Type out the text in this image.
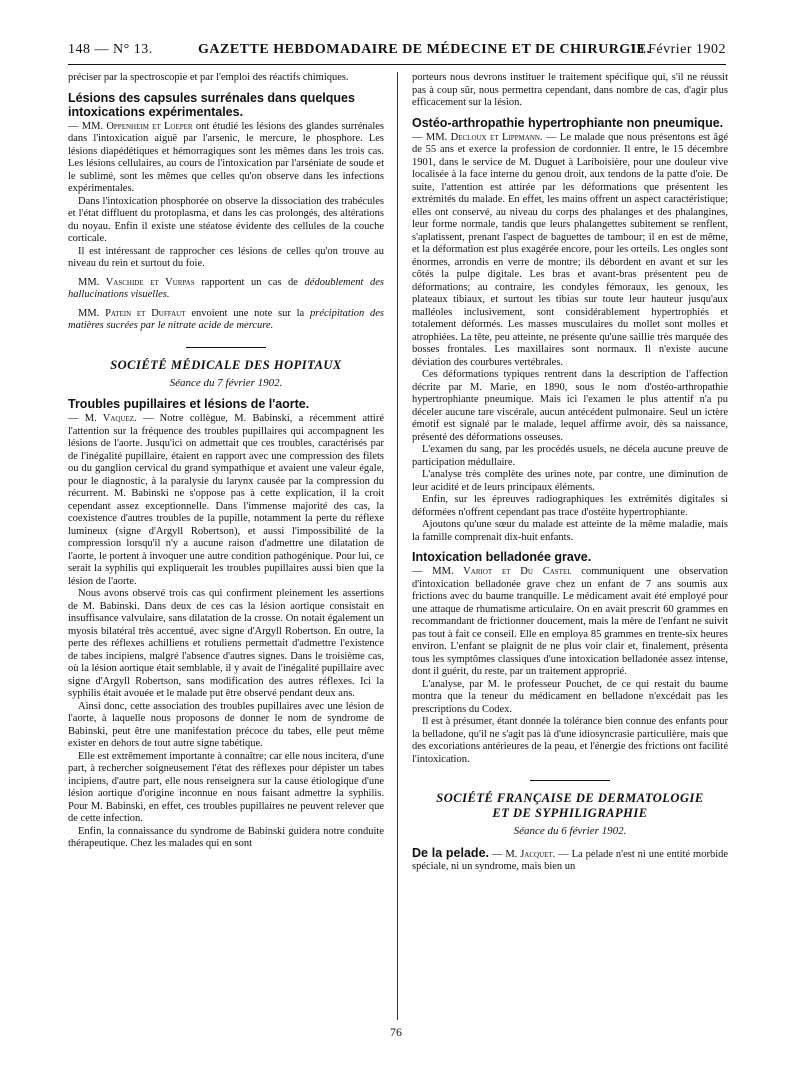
148 — N° 13.	GAZETTE HEBDOMADAIRE DE MÉDECINE ET DE CHIRURGIE.
13 Février 1902

préciser par la spectroscopie et par l'emploi des réactifs chimiques.

Lésions des capsules surrénales dans quelques intoxications expérimentales.

— MM. Oppenheim et Loeper ont étudié les lésions des glandes surrénales dans l'intoxication aiguë par l'arsenic, le mercure, le phosphore. Les lésions diapédétiques et hémorragiques sont les mêmes dans les trois cas. Les lésions cellulaires, au cours de l'intoxication par l'arséniate de soude et le sublimé, sont les mêmes que celles qu'on observe dans les infections expérimentales.

Dans l'intoxication phosphorée on observe la dissociation des trabécules et l'état diffluent du protoplasma, et dans les cas prolongés, des altérations du noyau. Enfin il existe une stéatose évidente des cellules de la couche corticale.

Il est intéressant de rapprocher ces lésions de celles qu'on trouve au niveau du rein et surtout du foie.

MM. Vaschide et Vurpas rapportent un cas de dédoublement des hallucinations visuelles.

MM. Patein et Duffaut envoient une note sur la précipitation des matières sucrées par le nitrate acide de mercure.

SOCIÉTÉ MÉDICALE DES HOPITAUX
Séance du 7 février 1902.
Troubles pupillaires et lésions de l'aorte.

— M. Vaquez. — Notre collègue, M. Babinski, a récemment attiré l'attention sur la fréquence des troubles pupillaires qui accompagnent les lésions de l'aorte. Jusqu'ici on admettait que ces troubles, caractérisés par de l'inégalité pupillaire, étaient en rapport avec une compression des filets ou du ganglion cervical du grand sympathique et avaient une valeur égale, pour le diagnostic, à la paralysie du larynx causée par la compression du récurrent. M. Babinski ne s'oppose pas à cette explication, il la croit cependant assez exceptionnelle. Dans l'immense majorité des cas, la coexistence d'autres troubles de la pupille, notamment la perte du réflexe lumineux (signe d'Argyll Robertson), et aussi l'impossibilité de la compression lorsqu'il n'y a aucune raison d'admettre une dilatation de l'aorte, le portent à invoquer une autre condition pathogénique. Pour lui, ce serait la syphilis qui expliquerait les troubles pupillaires aussi bien que la lésion de l'aorte.

Nous avons observé trois cas qui confirment pleinement les assertions de M. Babinski. Dans deux de ces cas la lésion aortique consistait en insuffisance valvulaire, sans dilatation de la crosse. On notait également un myosis bilatéral très accentué, avec signe d'Argyll Robertson. En outre, la perte des réflexes achilliens et rotuliens permettait d'admettre l'existence de tabes incipiens, malgré l'absence d'autres signes. Dans le troisième cas, où la lésion aortique était semblable, il y avait de l'inégalité pupillaire avec signe d'Argyll Robertson, sans modification des autres réflexes. Ici la syphilis était avouée et le malade put être observé pendant deux ans.

Ainsi donc, cette association des troubles pupillaires avec une lésion de l'aorte, à laquelle nous proposons de donner le nom de syndrome de Babinski, peut être une manifestation précoce du tabes, elle peut même exister en dehors de tout autre signe tabétique.

Elle est extrêmement importante à connaître; car elle nous incitera, d'une part, à rechercher soigneusement l'état des réflexes pour dépister un tabes incipiens, d'autre part, elle nous renseignera sur la cause étiologique d'une lésion aortique d'origine inconnue en nous faisant admettre la syphilis. Pour M. Babinski, en effet, ces troubles pupillaires ne peuvent relever que de cette infection.

Enfin, la connaissance du syndrome de Babinski guidera notre conduite thérapeutique. Chez les malades qui en sont

porteurs nous devrons instituer le traitement spécifique qui, s'il ne réussit pas à coup sûr, nous permettra cependant, dans nombre de cas, d'agir plus efficacement sur la lésion.

Ostéo-arthropathie hypertrophiante non pneumique.

— MM. Decloux et Lippmann. — Le malade que nous présentons est âgé de 55 ans et exerce la profession de cordonnier. Il entre, le 15 décembre 1901, dans le service de M. Duguet à Lariboisière, pour une douleur vive localisée à la face interne du genou droit, aux tendons de la patte d'oie. De suite, l'attention est attirée par les déformations que présentent les extrémités du malade. En effet, les mains offrent un aspect caractéristique; elles ont conservé, au niveau du corps des phalanges et des phalangines, leur forme normale, tandis que leurs phalangettes subitement se renflent, s'aplatissent, prenant l'aspect de baguettes de tambour; il en est de même, et la déformation est plus exagérée encore, pour les orteils. Les ongles sont énormes, arrondis en verre de montre; ils débordent en avant et sur les côtés la pulpe digitale. Les bras et avant-bras présentent peu de déformations; au contraire, les condyles fémoraux, les genoux, les plateaux tibiaux, et surtout les tibias sur toute leur hauteur jusqu'aux malléoles inclusivement, sont considérablement hypertrophiés et totalement déformés. Les masses musculaires du mollet sont molles et atrophiées. La tête, peu atteinte, ne présente qu'une saillie très marquée des bosses frontales. Les maxillaires sont normaux. Il n'existe aucune déviation des courbures vertébrales.

Ces déformations typiques rentrent dans la description de l'affection décrite par M. Marie, en 1890, sous le nom d'ostéo-arthropathie hypertrophiante pneumique. Mais ici l'examen le plus attentif n'a pu déceler aucune tare viscérale, aucun antécédent pulmonaire. Seul un ictère émotif est signalé par le malade, lequel affirme avoir, dès sa naissance, présenté des déformations osseuses.

L'examen du sang, par les procédés usuels, ne décela aucune preuve de participation médullaire.

L'analyse très complète des urines note, par contre, une diminution de leur acidité et de leurs principaux éléments.

Enfin, sur les épreuves radiographiques les extrémités digitales si déformées n'offrent cependant pas trace d'ostéite hypertrophiante.

Ajoutons qu'une sœur du malade est atteinte de la même maladie, mais la famille comprenait dix-huit enfants.

Intoxication belladonée grave.

— MM. Variot et Du Castel communiquent une observation d'intoxication belladonée grave chez un enfant de 7 ans soumis aux frictions avec du baume tranquille. Le médicament avait été employé pour une attaque de rhumatisme articulaire. On en avait prescrit 60 grammes en recommandant de frictionner doucement, mais la mère de l'enfant ne suivit pas tout à fait ce conseil. Elle en employa 85 grammes en trente-six heures environ. L'enfant se plaignit de ne plus voir clair et, finalement, présenta tous les symptômes classiques d'une intoxication belladonée assez intense, dont il guérit, du reste, par un traitement approprié.

L'analyse, par M. le professeur Pouchet, de ce qui restait du baume montra que la teneur du médicament en belladone n'excédait pas les prescriptions du Codex.

Il est à présumer, étant donnée la tolérance bien connue des enfants pour la belladone, qu'il ne s'agit pas là d'une idiosyncrasie particulière, mais que des excoriations antérieures de la peau, et l'énergie des frictions ont facilité l'intoxication.

SOCIÉTÉ FRANÇAISE DE DERMATOLOGIE
ET DE SYPHILIGRAPHIE
Séance du 6 février 1902.
De la pelade. — M. Jacquet. — La pelade n'est ni une entité morbide spéciale, ni un syndrome, mais bien un
76
